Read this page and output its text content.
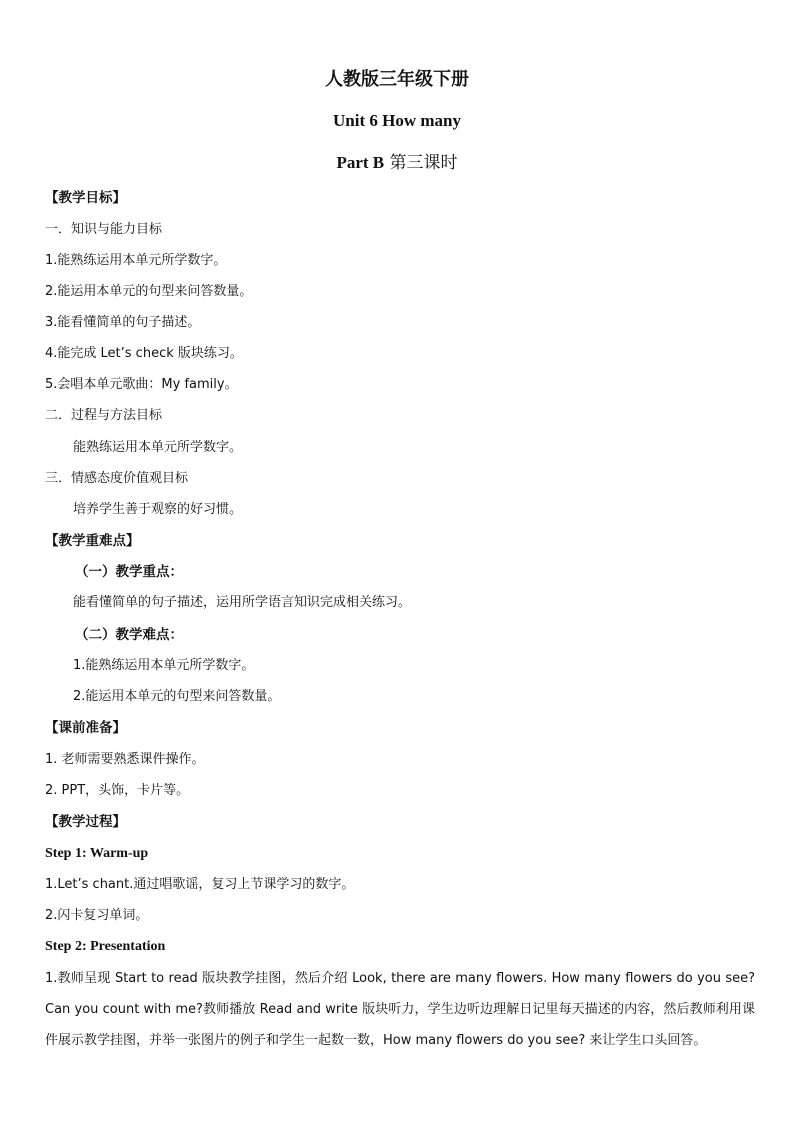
人教版三年级下册
Unit 6 How many
Part B 第三课时
【教学目标】
一．知识与能力目标
1.能熟练运用本单元所学数字。
2.能运用本单元的句型来问答数量。
3.能看懂简单的句子描述。
4.能完成 Let’s check 版块练习。
5.会唱本单元歌曲：My family。
二．过程与方法目标
能熟练运用本单元所学数字。
三．情感态度价值观目标
培养学生善于观察的好习惯。
【教学重难点】
（一）教学重点：
能看懂简单的句子描述，运用所学语言知识完成相关练习。
（二）教学难点：
1.能熟练运用本单元所学数字。
2.能运用本单元的句型来问答数量。
【课前准备】
1. 老师需要熟悉课件操作。
2. PPT，头饰，卡片等。
【教学过程】
Step 1: Warm-up
1.Let’s chant.通过唱歌谣，复习上节课学习的数字。
2.闪卡复习单词。
Step 2: Presentation
1.教师呈现 Start to read 版块教学挂图，然后介绍 Look, there are many flowers. How many flowers do you see? Can you count with me?教师播放 Read and write 版块听力，学生边听边理解日记里每天描述的内容，然后教师利用课件展示教学挂图，并举一张图片的例子和学生一起数一数，How many flowers do you see? 来让学生口头回答。
